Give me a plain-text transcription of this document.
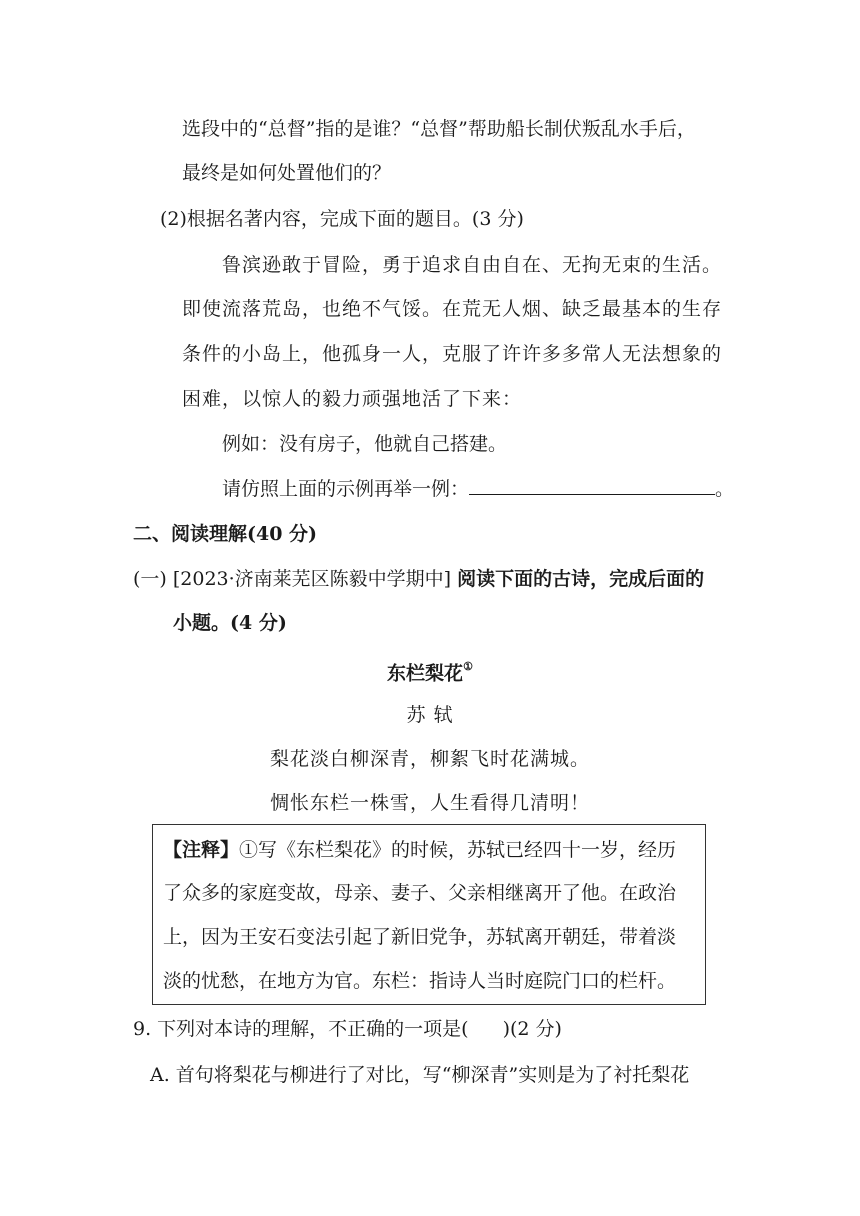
选段中的“总督”指的是谁？“总督”帮助船长制伏叛乱水手后，
最终是如何处置他们的？
(2)根据名著内容，完成下面的题目。(3 分)
鲁滨逊敢于冒险，勇于追求自由自在、无拘无束的生活。
即使流落荒岛，也绝不气馁。在荒无人烟、缺乏最基本的生存
条件的小岛上，他孤身一人，克服了许许多多常人无法想象的
困难，以惊人的毅力顽强地活了下来：
例如：没有房子，他就自己搭建。
请仿照上面的示例再举一例：	。
二、阅读理解(40 分)
(一) [2023·济南莱芜区陈毅中学期中] 阅读下面的古诗，完成后面的
小题。(4 分)
东栏梨花①
苏 轼
梨花淡白柳深青，柳絮飞时花满城。
惆怅东栏一株雪，人生看得几清明！
【注释】①写《东栏梨花》的时候，苏轼已经四十一岁，经历
了众多的家庭变故，母亲、妻子、父亲相继离开了他。在政治
上，因为王安石变法引起了新旧党争，苏轼离开朝廷，带着淡
淡的忧愁，在地方为官。东栏：指诗人当时庭院门口的栏杆。
9. 下列对本诗的理解，不正确的一项是( )(2 分)
A. 首句将梨花与柳进行了对比，写“柳深青”实则是为了衬托梨花
